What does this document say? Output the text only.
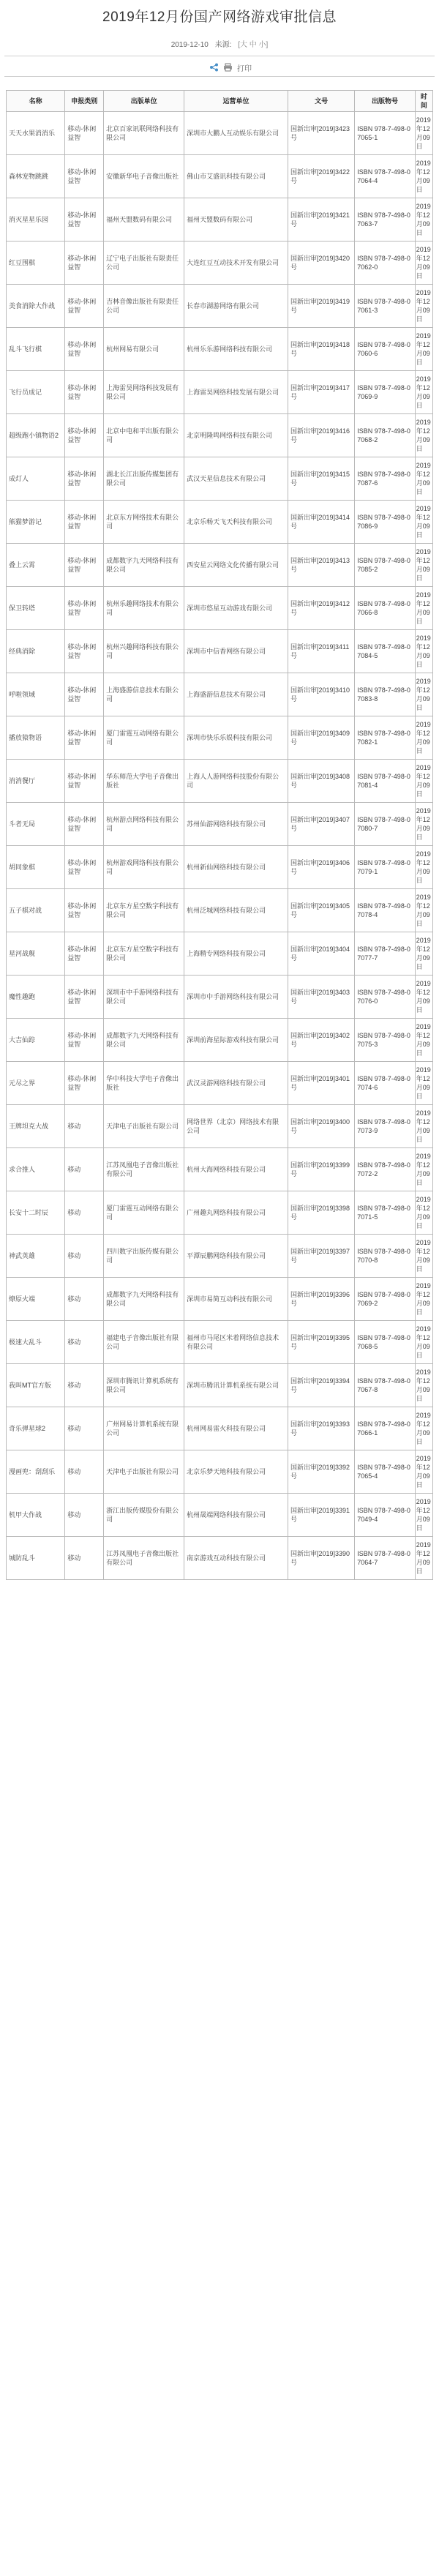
2019年12月份国产网络游戏审批信息
2019-12-10 来源: [大 中 小]
打印
名称	申报类别	出版单位	运营单位	文号	出版物号	时间
天天水果消消乐	移动-休闲益智	北京百家讯联网络科技有限公司	深圳市大鹏人互动娱乐有限公司	国新出审[2019]3423号	ISBN 978-7-498-07065-1	2019年12月09日
森林宠物跳跳	移动-休闲益智	安徽新华电子音像出版社	佛山市艾盛讯科技有限公司	国新出审[2019]3422号	ISBN 978-7-498-07064-4	2019年12月09日
消灭星星乐园	移动-休闲益智	福州天盟数码有限公司	福州天盟数码有限公司	国新出审[2019]3421号	ISBN 978-7-498-07063-7	2019年12月09日
红豆围棋	移动-休闲益智	辽宁电子出版社有限责任公司	大连红豆互动技术开发有限公司	国新出审[2019]3420号	ISBN 978-7-498-07062-0	2019年12月09日
美食消除大作战	移动-休闲益智	吉林音像出版社有限责任公司	长春市湖游网络有限公司	国新出审[2019]3419号	ISBN 978-7-498-07061-3	2019年12月09日
乱斗飞行棋	移动-休闲益智	杭州网易有限公司	杭州乐乐游网络科技有限公司	国新出审[2019]3418号	ISBN 978-7-498-07060-6	2019年12月09日
飞行员成记	移动-休闲益智	上海雷昊网络科技发展有限公司	上海雷昊网络科技发展有限公司	国新出审[2019]3417号	ISBN 978-7-498-07069-9	2019年12月09日
超级跑小镇物语2	移动-休闲益智	北京中电和平出版有限公司	北京明隆鸣网络科技有限公司	国新出审[2019]3416号	ISBN 978-7-498-07068-2	2019年12月09日
成灯人	移动-休闲益智	湖北长江出版传媒集团有限公司	武汉天星信息技术有限公司	国新出审[2019]3415号	ISBN 978-7-498-07087-6	2019年12月09日
熊猫梦游记	移动-休闲益智	北京东方网络技术有限公司	北京乐畅天飞天科技有限公司	国新出审[2019]3414号	ISBN 978-7-498-07086-9	2019年12月09日
叠上云霄	移动-休闲益智	成都数字九天网络科技有限公司	西安星云网络文化传播有限公司	国新出审[2019]3413号	ISBN 978-7-498-07085-2	2019年12月09日
保卫转塔	移动-休闲益智	杭州乐趣网络技术有限公司	深圳市悠星互动游戏有限公司	国新出审[2019]3412号	ISBN 978-7-498-07066-8	2019年12月09日
经典消除	移动-休闲益智	杭州兴趣网络科技有限公司	深圳市中信香网络有限公司	国新出审[2019]3411号	ISBN 978-7-498-07084-5	2019年12月09日
呼啦领域	移动-休闲益智	上海盛游信息技术有限公司	上海盛游信息技术有限公司	国新出审[2019]3410号	ISBN 978-7-498-07083-8	2019年12月09日
播放猿物语	移动-休闲益智	厦门雷霆互动网络有限公司	深圳市快乐乐娱科技有限公司	国新出审[2019]3409号	ISBN 978-7-498-07082-1	2019年12月09日
消消餐厅	移动-休闲益智	华东师范大学电子音像出版社	上海人人游网络科技股份有限公司	国新出审[2019]3408号	ISBN 978-7-498-07081-4	2019年12月09日
斗者无局	移动-休闲益智	杭州游点网络科技有限公司	苏州仙游网络科技有限公司	国新出审[2019]3407号	ISBN 978-7-498-07080-7	2019年12月09日
胡同象棋	移动-休闲益智	杭州游戏网络科技有限公司	杭州新仙网络科技有限公司	国新出审[2019]3406号	ISBN 978-7-498-07079-1	2019年12月09日
五子棋对战	移动-休闲益智	北京东方星空数字科技有限公司	杭州泛城网络科技有限公司	国新出审[2019]3405号	ISBN 978-7-498-07078-4	2019年12月09日
星河战舰	移动-休闲益智	北京东方星空数字科技有限公司	上海精专网络科技有限公司	国新出审[2019]3404号	ISBN 978-7-498-07077-7	2019年12月09日
魔性趣跑	移动-休闲益智	深圳市中手游网络科技有限公司	深圳市中手游网络科技有限公司	国新出审[2019]3403号	ISBN 978-7-498-07076-0	2019年12月09日
大吉仙踪	移动-休闲益智	成都数字九天网络科技有限公司	深圳前海星际游戏科技有限公司	国新出审[2019]3402号	ISBN 978-7-498-07075-3	2019年12月09日
元尽之界	移动-休闲益智	华中科技大学电子音像出版社	武汉灵游网络科技有限公司	国新出审[2019]3401号	ISBN 978-7-498-07074-6	2019年12月09日
王牌坦克大战	移动	天津电子出版社有限公司	网络世界（北京）网络技术有限公司	国新出审[2019]3400号	ISBN 978-7-498-07073-9	2019年12月09日
求合推人	移动	江苏凤凰电子音像出版社有限公司	杭州大海网络科技有限公司	国新出审[2019]3399号	ISBN 978-7-498-07072-2	2019年12月09日
长安十二时辰	移动	厦门雷霆互动网络有限公司	广州趣丸网络科技有限公司	国新出审[2019]3398号	ISBN 978-7-498-07071-5	2019年12月09日
神武英雄	移动	四川数字出版传媒有限公司	平潭辰鹏网络科技有限公司	国新出审[2019]3397号	ISBN 978-7-498-07070-8	2019年12月09日
燎原火端	移动	成都数字九天网络科技有限公司	深圳市易简互动科技有限公司	国新出审[2019]3396号	ISBN 978-7-498-07069-2	2019年12月09日
极速大乱斗	移动	福建电子音像出版社有限公司	福州市马尾区米着网络信息技术有限公司	国新出审[2019]3395号	ISBN 978-7-498-07068-5	2019年12月09日
我叫MT官方版	移动	深圳市腾讯计算机系统有限公司	深圳市腾讯计算机系统有限公司	国新出审[2019]3394号	ISBN 978-7-498-07067-8	2019年12月09日
奇乐弹星球2	移动	广州网易计算机系统有限公司	杭州网易雷火科技有限公司	国新出审[2019]3393号	ISBN 978-7-498-07066-1	2019年12月09日
漫画兜：刮刮乐	移动	天津电子出版社有限公司	北京乐梦天地科技有限公司	国新出审[2019]3392号	ISBN 978-7-498-07065-4	2019年12月09日
机甲大作战	移动	浙江出版传媒股份有限公司	杭州晟端网络科技有限公司	国新出审[2019]3391号	ISBN 978-7-498-07049-4	2019年12月09日
城防乱斗	移动	江苏凤凰电子音像出版社有限公司	南京游戏互动科技有限公司	国新出审[2019]3390号	ISBN 978-7-498-07064-7	2019年12月09日
